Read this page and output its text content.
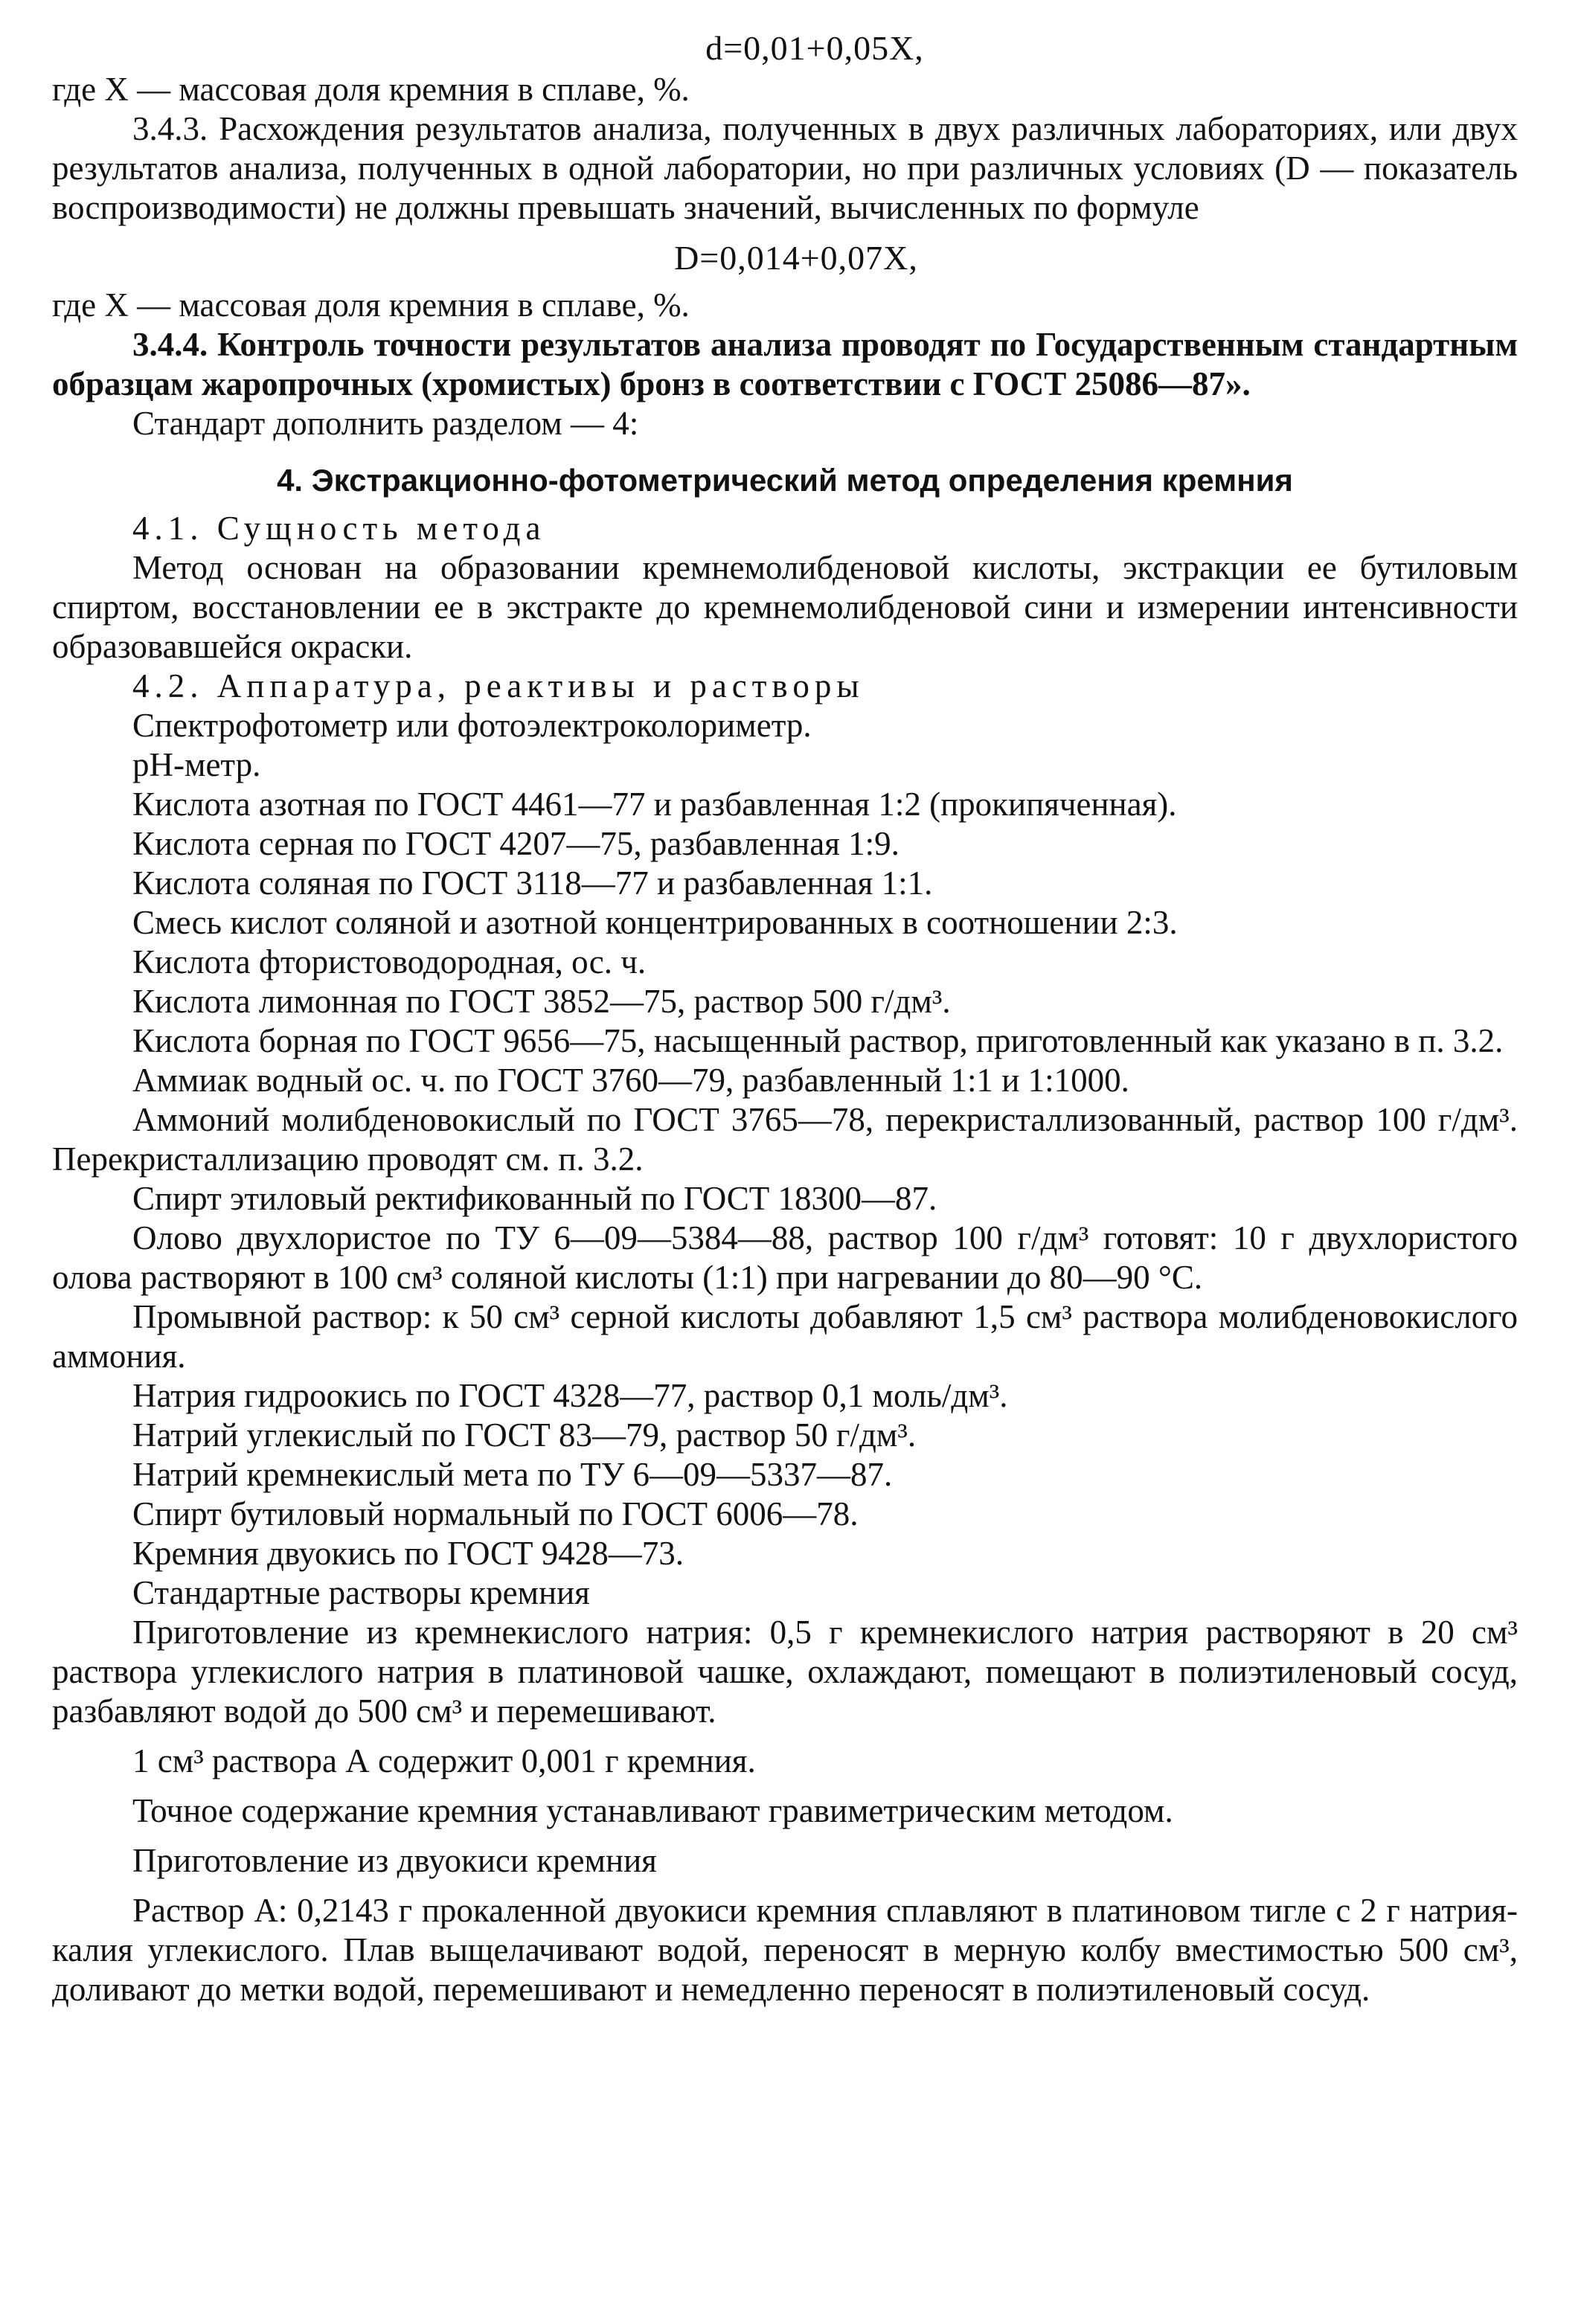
d=0,01+0,05X,

где X — массовая доля кремния в сплаве, %.

3.4.3. Расхождения результатов анализа, полученных в двух различных лабораториях, или двух результатов анализа, полученных в одной лаборатории, но при различных условиях (D — показатель воспроизводимости) не должны превышать значений, вычисленных по формуле

D=0,014+0,07X,

где X — массовая доля кремния в сплаве, %.

3.4.4. Контроль точности результатов анализа проводят по Государственным стандартным образцам жаропрочных (хромистых) бронз в соответствии с ГОСТ 25086—87».

Стандарт дополнить разделом — 4:

4. Экстракционно-фотометрический метод определения кремния

4.1. Сущность метода

Метод основан на образовании кремнемолибденовой кислоты, экстракции ее бутиловым спиртом, восстановлении ее в экстракте до кремнемолибденовой сини и измерении интенсивности образовавшейся окраски.

4.2. Аппаратура, реактивы и растворы

Спектрофотометр или фотоэлектроколориметр.

pH-метр.

Кислота азотная по ГОСТ 4461—77 и разбавленная 1:2 (прокипяченная).

Кислота серная по ГОСТ 4207—75, разбавленная 1:9.

Кислота соляная по ГОСТ 3118—77 и разбавленная 1:1.

Смесь кислот соляной и азотной концентрированных в соотношении 2:3.

Кислота фтористоводородная, ос. ч.

Кислота лимонная по ГОСТ 3852—75, раствор 500 г/дм³.

Кислота борная по ГОСТ 9656—75, насыщенный раствор, приготовленный как указано в п. 3.2.

Аммиак водный ос. ч. по ГОСТ 3760—79, разбавленный 1:1 и 1:1000.

Аммоний молибденовокислый по ГОСТ 3765—78, перекристаллизованный, раствор 100 г/дм³. Перекристаллизацию проводят см. п. 3.2.

Спирт этиловый ректификованный по ГОСТ 18300—87.

Олово двухлористое по ТУ 6—09—5384—88, раствор 100 г/дм³ готовят: 10 г двухлористого олова растворяют в 100 см³ соляной кислоты (1:1) при нагревании до 80—90 °С.

Промывной раствор: к 50 см³ серной кислоты добавляют 1,5 см³ раствора молибденовокислого аммония.

Натрия гидроокись по ГОСТ 4328—77, раствор 0,1 моль/дм³.

Натрий углекислый по ГОСТ 83—79, раствор 50 г/дм³.

Натрий кремнекислый мета по ТУ 6—09—5337—87.

Спирт бутиловый нормальный по ГОСТ 6006—78.

Кремния двуокись по ГОСТ 9428—73.

Стандартные растворы кремния

Приготовление из кремнекислого натрия: 0,5 г кремнекислого натрия растворяют в 20 см³ раствора углекислого натрия в платиновой чашке, охлаждают, помещают в полиэтиленовый сосуд, разбавляют водой до 500 см³ и перемешивают.

1 см³ раствора А содержит 0,001 г кремния.

Точное содержание кремния устанавливают гравиметрическим методом.

Приготовление из двуокиси кремния

Раствор А: 0,2143 г прокаленной двуокиси кремния сплавляют в платиновом тигле с 2 г натрия-калия углекислого. Плав выщелачивают водой, переносят в мерную колбу вместимостью 500 см³, доливают до метки водой, перемешивают и немедленно переносят в полиэтиленовый сосуд.
